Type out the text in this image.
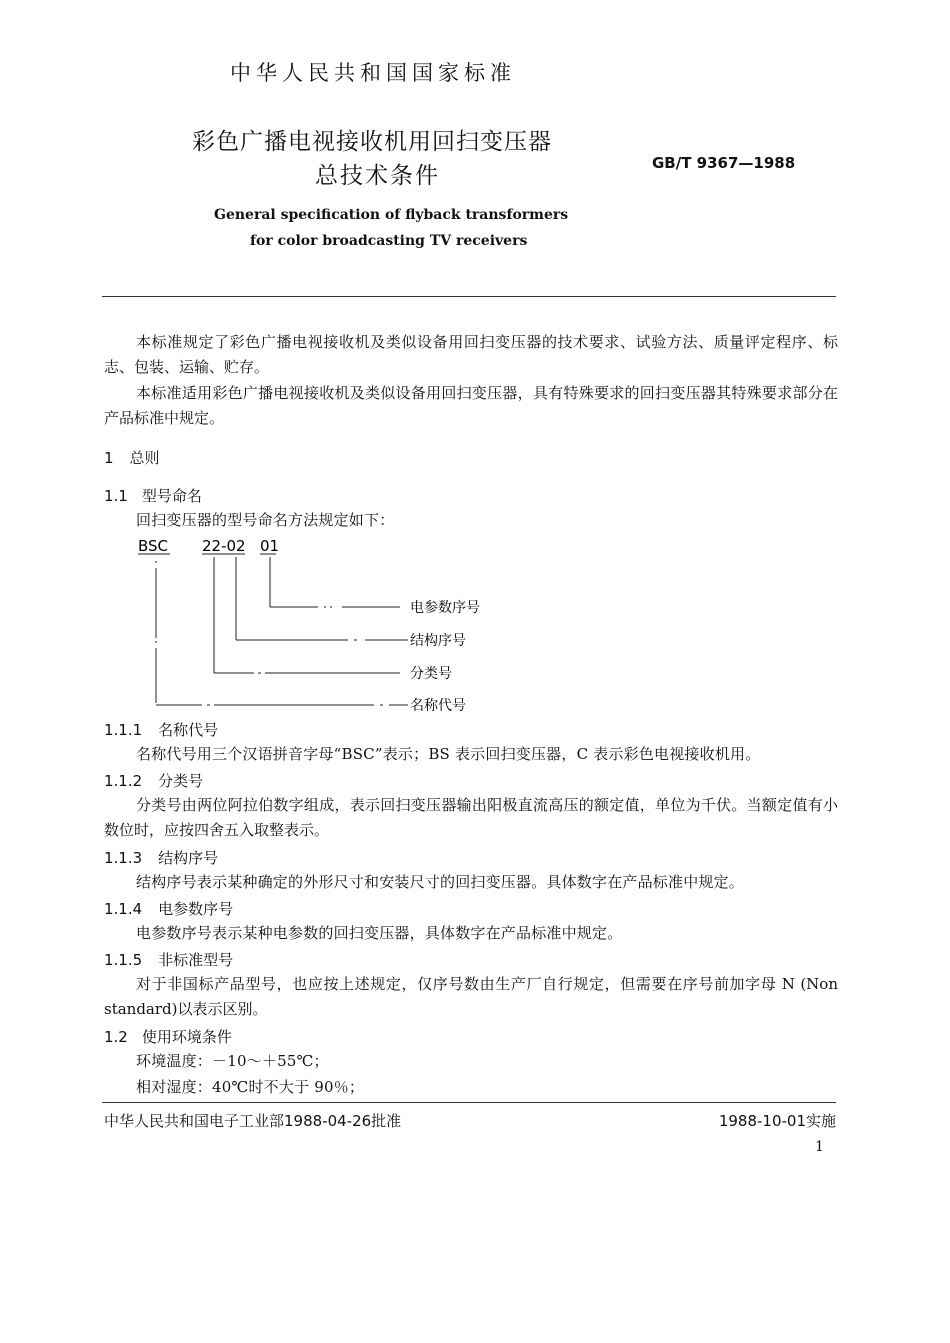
中华人民共和国国家标准
彩色广播电视接收机用回扫变压器
总技术条件	GB/T 9367—1988
General specification of flyback transformers
for color broadcasting TV receivers
本标准规定了彩色广播电视接收机及类似设备用回扫变压器的技术要求、试验方法、质量评定程序、标志、包装、运输、贮存。
本标准适用彩色广播电视接收机及类似设备用回扫变压器，具有特殊要求的回扫变压器其特殊要求部分在产品标准中规定。
1 总则
1.1 型号命名
回扫变压器的型号命名方法规定如下：
BSC 22-02 01
电参数序号
结构序号
分类号
名称代号
1.1.1 名称代号
名称代号用三个汉语拼音字母“BSC”表示；BS 表示回扫变压器，C 表示彩色电视接收机用。
1.1.2 分类号
分类号由两位阿拉伯数字组成，表示回扫变压器输出阳极直流高压的额定值，单位为千伏。当额定值有小数位时，应按四舍五入取整表示。
1.1.3 结构序号
结构序号表示某种确定的外形尺寸和安装尺寸的回扫变压器。具体数字在产品标准中规定。
1.1.4 电参数序号
电参数序号表示某种电参数的回扫变压器，具体数字在产品标准中规定。
1.1.5 非标准型号
对于非国标产品型号，也应按上述规定，仅序号数由生产厂自行规定，但需要在序号前加字母 N (Non standard)以表示区别。
1.2 使用环境条件
环境温度：－10～＋55℃；
相对湿度：40℃时不大于 90％；
中华人民共和国电子工业部1988-04-26批准	1988-10-01实施
1
